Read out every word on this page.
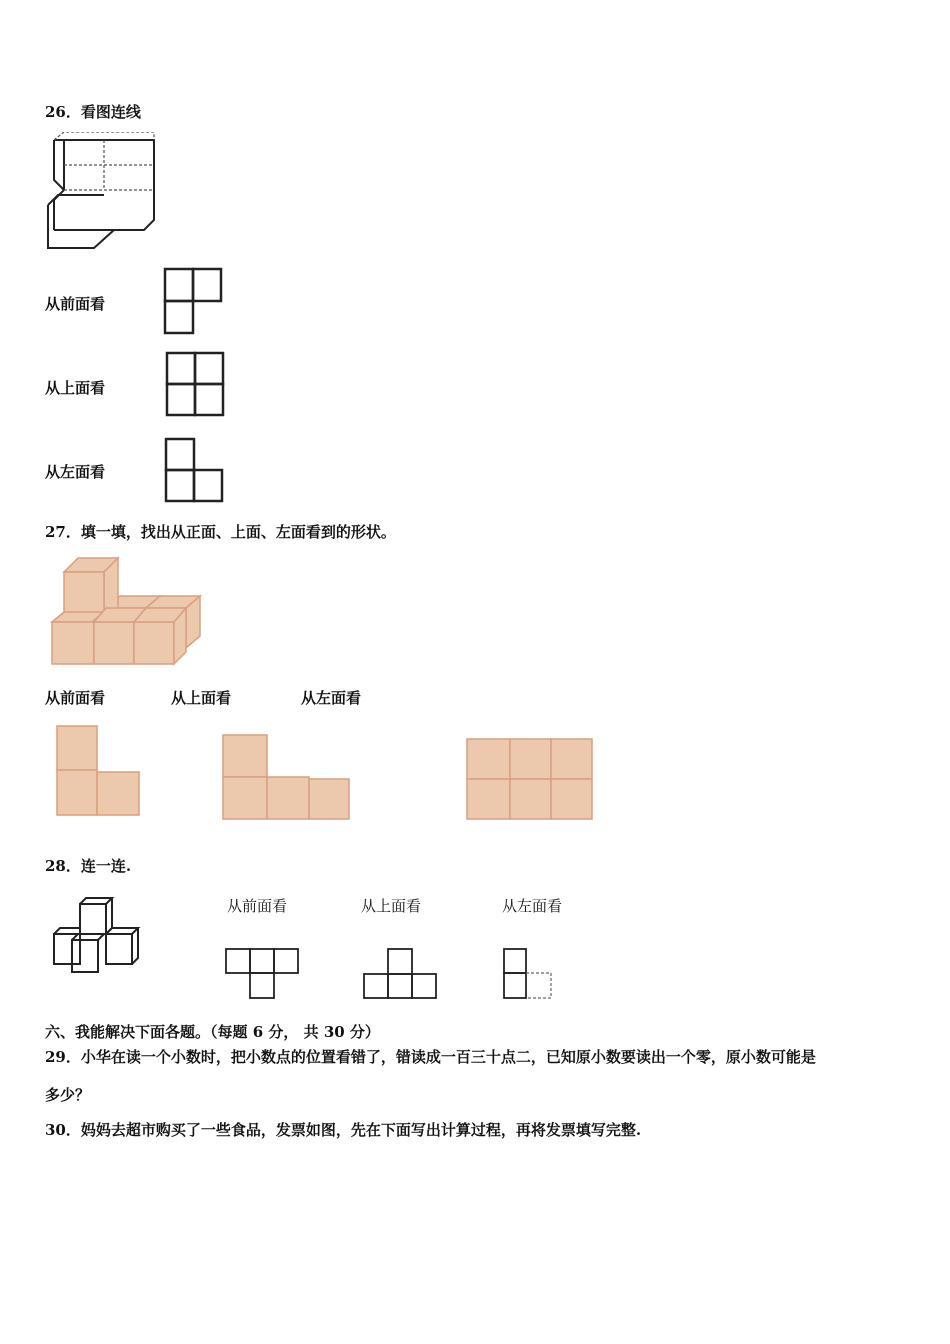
26．看图连线
从前面看
从上面看
从左面看
27．填一填，找出从正面、上面、左面看到的形状。
从前面看	从上面看	从左面看
28．连一连.
从前面看	从上面看	从左面看
六、我能解决下面各题。（每题 6 分， 共 30 分）
29．小华在读一个小数时，把小数点的位置看错了，错读成一百三十点二，已知原小数要读出一个零，原小数可能是
多少？
30．妈妈去超市购买了一些食品，发票如图，先在下面写出计算过程，再将发票填写完整.
